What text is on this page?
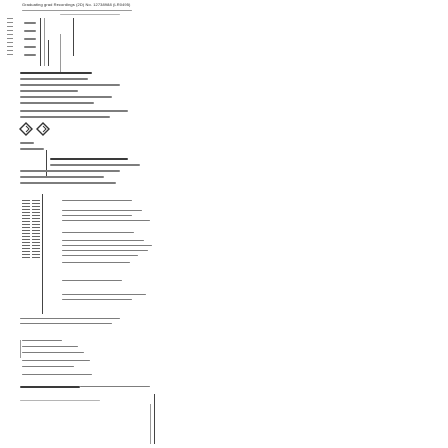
Graduating grad Recordings (2D) No. 12738988 (LR0495)
